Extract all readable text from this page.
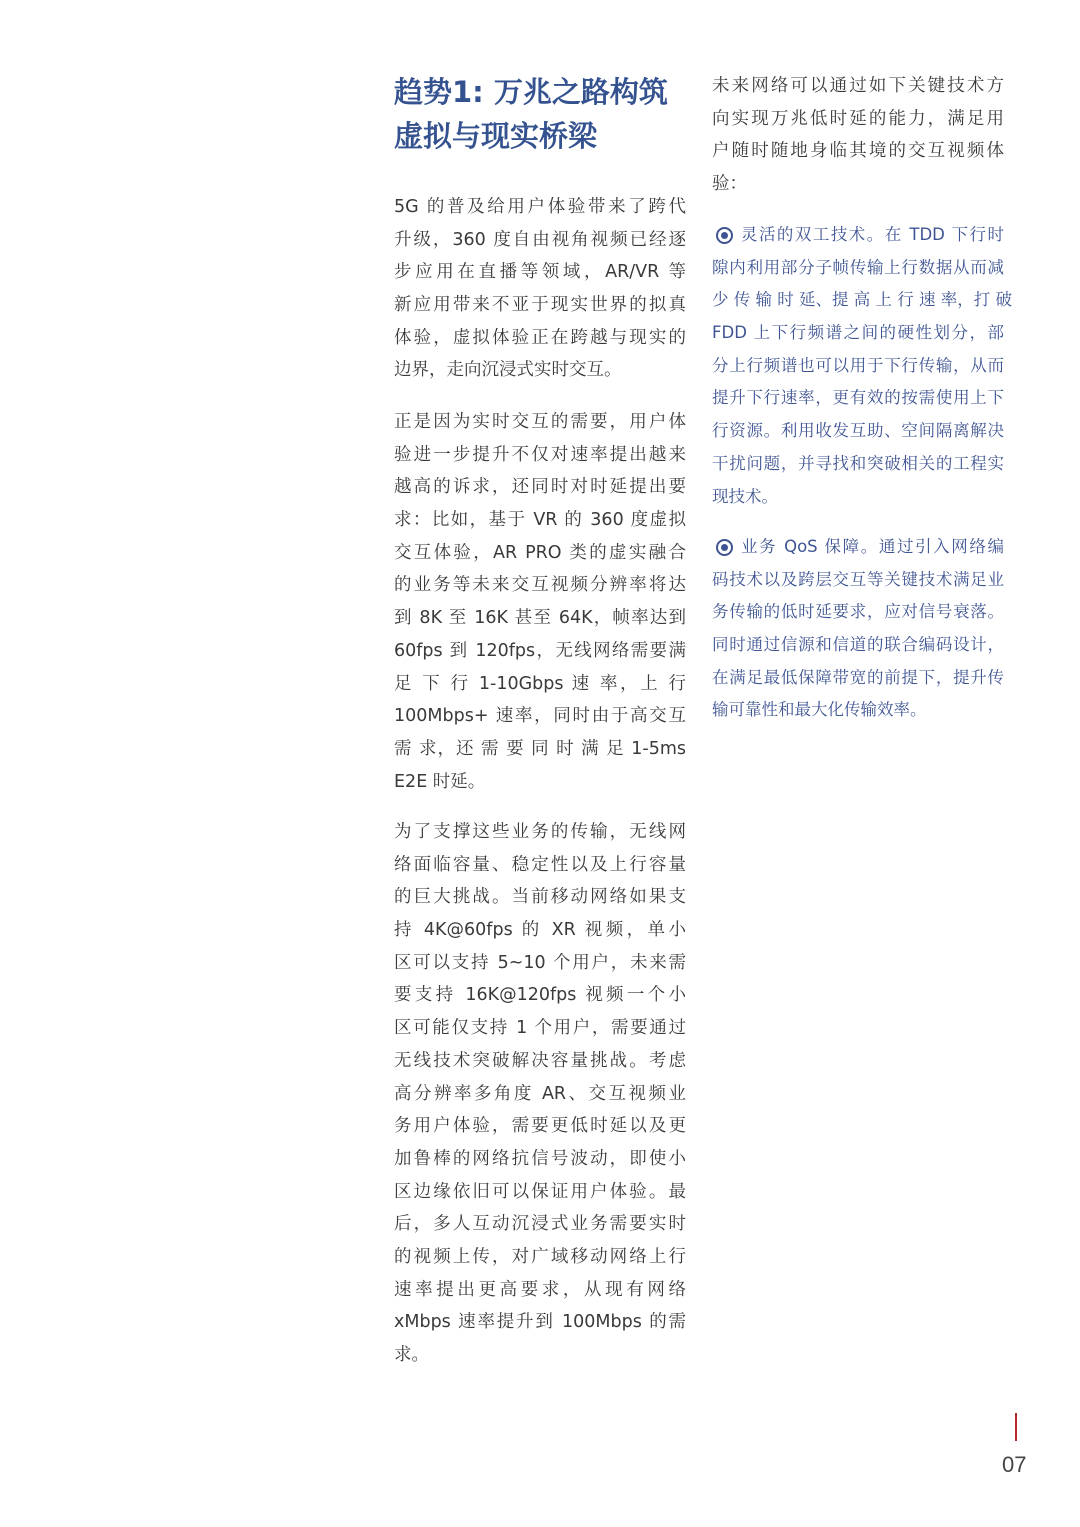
趋势1: 万兆之路构筑
虚拟与现实桥梁
5G 的普及给用户体验带来了跨代
升级，360 度自由视角视频已经逐
步应用在直播等领域，AR/VR 等
新应用带来不亚于现实世界的拟真
体验，虚拟体验正在跨越与现实的
边界，走向沉浸式实时交互。
正是因为实时交互的需要，用户体
验进一步提升不仅对速率提出越来
越高的诉求，还同时对时延提出要
求：比如，基于 VR 的 360 度虚拟
交互体验，AR PRO 类的虚实融合
的业务等未来交互视频分辨率将达
到 8K 至 16K 甚至 64K，帧率达到
60fps 到 120fps，无线网络需要满
足 下 行 1-10Gbps 速 率，上 行
100Mbps+ 速率，同时由于高交互
需 求，还 需 要 同 时 满 足 1-5ms
E2E 时延。
为了支撑这些业务的传输，无线网
络面临容量、稳定性以及上行容量
的巨大挑战。当前移动网络如果支
持 4K@60fps 的 XR 视频，单小
区可以支持 5~10 个用户，未来需
要支持 16K@120fps 视频一个小
区可能仅支持 1 个用户，需要通过
无线技术突破解决容量挑战。考虑
高分辨率多角度 AR、交互视频业
务用户体验，需要更低时延以及更
加鲁棒的网络抗信号波动，即使小
区边缘依旧可以保证用户体验。最
后，多人互动沉浸式业务需要实时
的视频上传，对广域移动网络上行
速率提出更高要求，从现有网络
xMbps 速率提升到 100Mbps 的需
求。
未来网络可以通过如下关键技术方
向实现万兆低时延的能力，满足用
户随时随地身临其境的交互视频体
验：
灵活的双工技术。在 TDD 下行时
隙内利用部分子帧传输上行数据从而减
少 传 输 时 延、提 高 上 行 速 率，打 破
FDD 上下行频谱之间的硬性划分，部
分上行频谱也可以用于下行传输，从而
提升下行速率，更有效的按需使用上下
行资源。利用收发互助、空间隔离解决
干扰问题，并寻找和突破相关的工程实
现技术。
业务 QoS 保障。通过引入网络编
码技术以及跨层交互等关键技术满足业
务传输的低时延要求，应对信号衰落。
同时通过信源和信道的联合编码设计，
在满足最低保障带宽的前提下，提升传
输可靠性和最大化传输效率。
07
